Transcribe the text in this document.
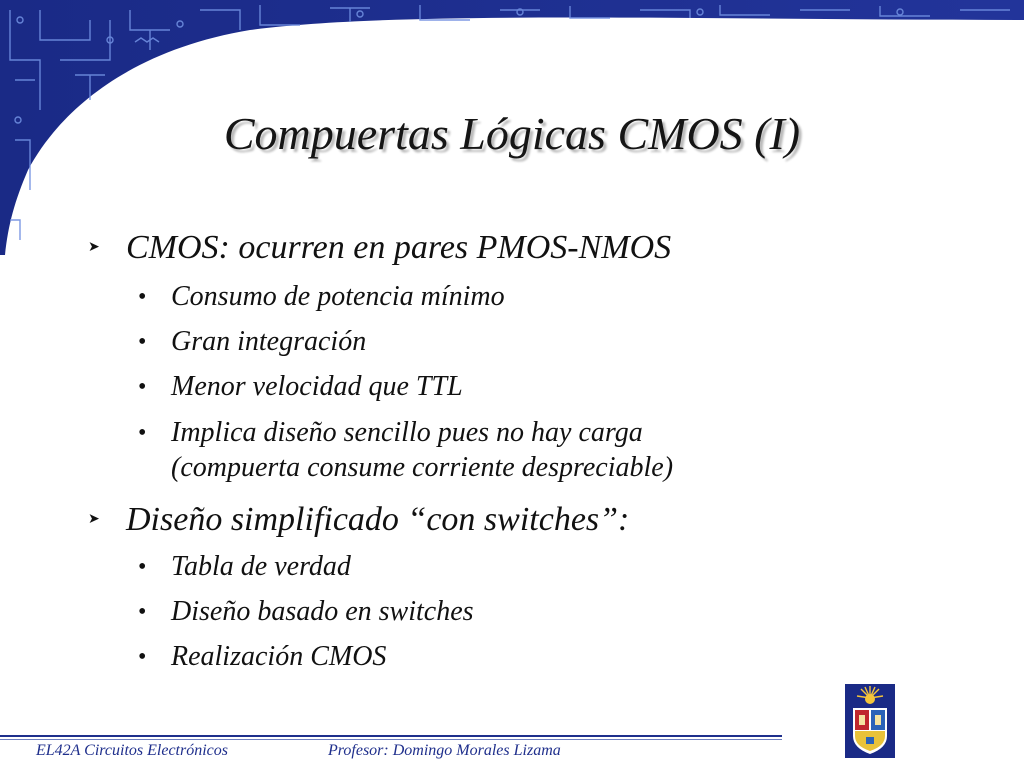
Compuertas Lógicas CMOS (I)
➤ CMOS: ocurren en pares PMOS-NMOS
• Consumo de potencia mínimo
• Gran integración
• Menor velocidad que TTL
• Implica diseño sencillo pues no hay carga
(compuerta consume corriente despreciable)
➤ Diseño simplificado “con switches”:
• Tabla de verdad
• Diseño basado en switches
• Realización CMOS
EL42A Circuitos Electrónicos	Profesor: Domingo Morales Lizama
